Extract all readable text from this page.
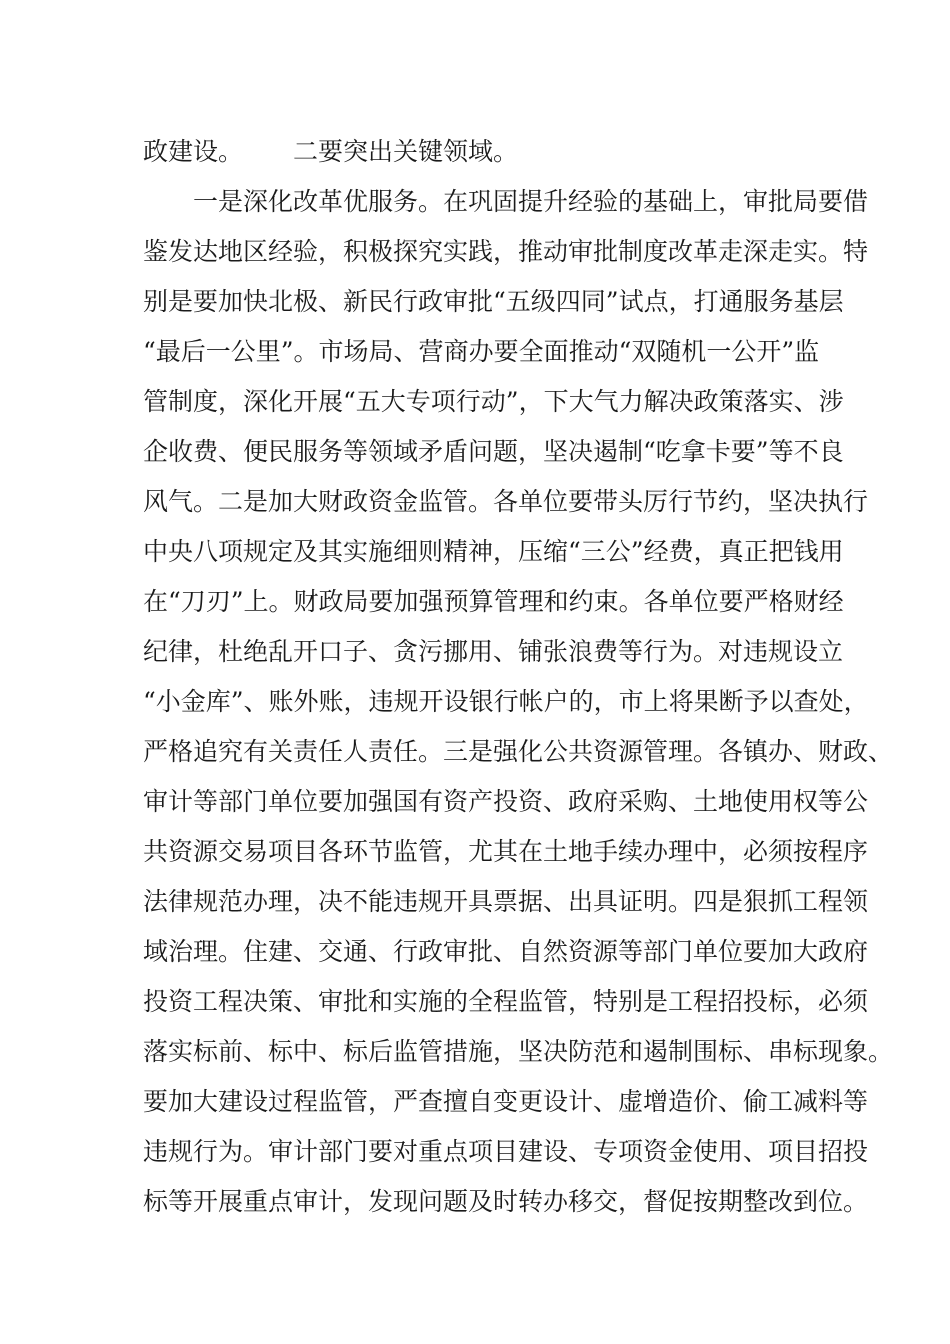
政建设。 二要突出关键领域。
一是深化改革优服务。在巩固提升经验的基础上，审批局要借
鉴发达地区经验，积极探究实践，推动审批制度改革走深走实。特
别是要加快北极、新民行政审批“五级四同”试点，打通服务基层
“最后一公里”。市场局、营商办要全面推动“双随机一公开”监
管制度，深化开展“五大专项行动”，下大气力解决政策落实、涉
企收费、便民服务等领域矛盾问题，坚决遏制“吃拿卡要”等不良
风气。二是加大财政资金监管。各单位要带头厉行节约，坚决执行
中央八项规定及其实施细则精神，压缩“三公”经费，真正把钱用
在“刀刃”上。财政局要加强预算管理和约束。各单位要严格财经
纪律，杜绝乱开口子、贪污挪用、铺张浪费等行为。对违规设立
“小金库”、账外账，违规开设银行帐户的，市上将果断予以查处，
严格追究有关责任人责任。三是强化公共资源管理。各镇办、财政、
审计等部门单位要加强国有资产投资、政府采购、土地使用权等公
共资源交易项目各环节监管，尤其在土地手续办理中，必须按程序
法律规范办理，决不能违规开具票据、出具证明。四是狠抓工程领
域治理。住建、交通、行政审批、自然资源等部门单位要加大政府
投资工程决策、审批和实施的全程监管，特别是工程招投标，必须
落实标前、标中、标后监管措施，坚决防范和遏制围标、串标现象。
要加大建设过程监管，严查擅自变更设计、虚增造价、偷工减料等
违规行为。审计部门要对重点项目建设、专项资金使用、项目招投
标等开展重点审计，发现问题及时转办移交，督促按期整改到位。
